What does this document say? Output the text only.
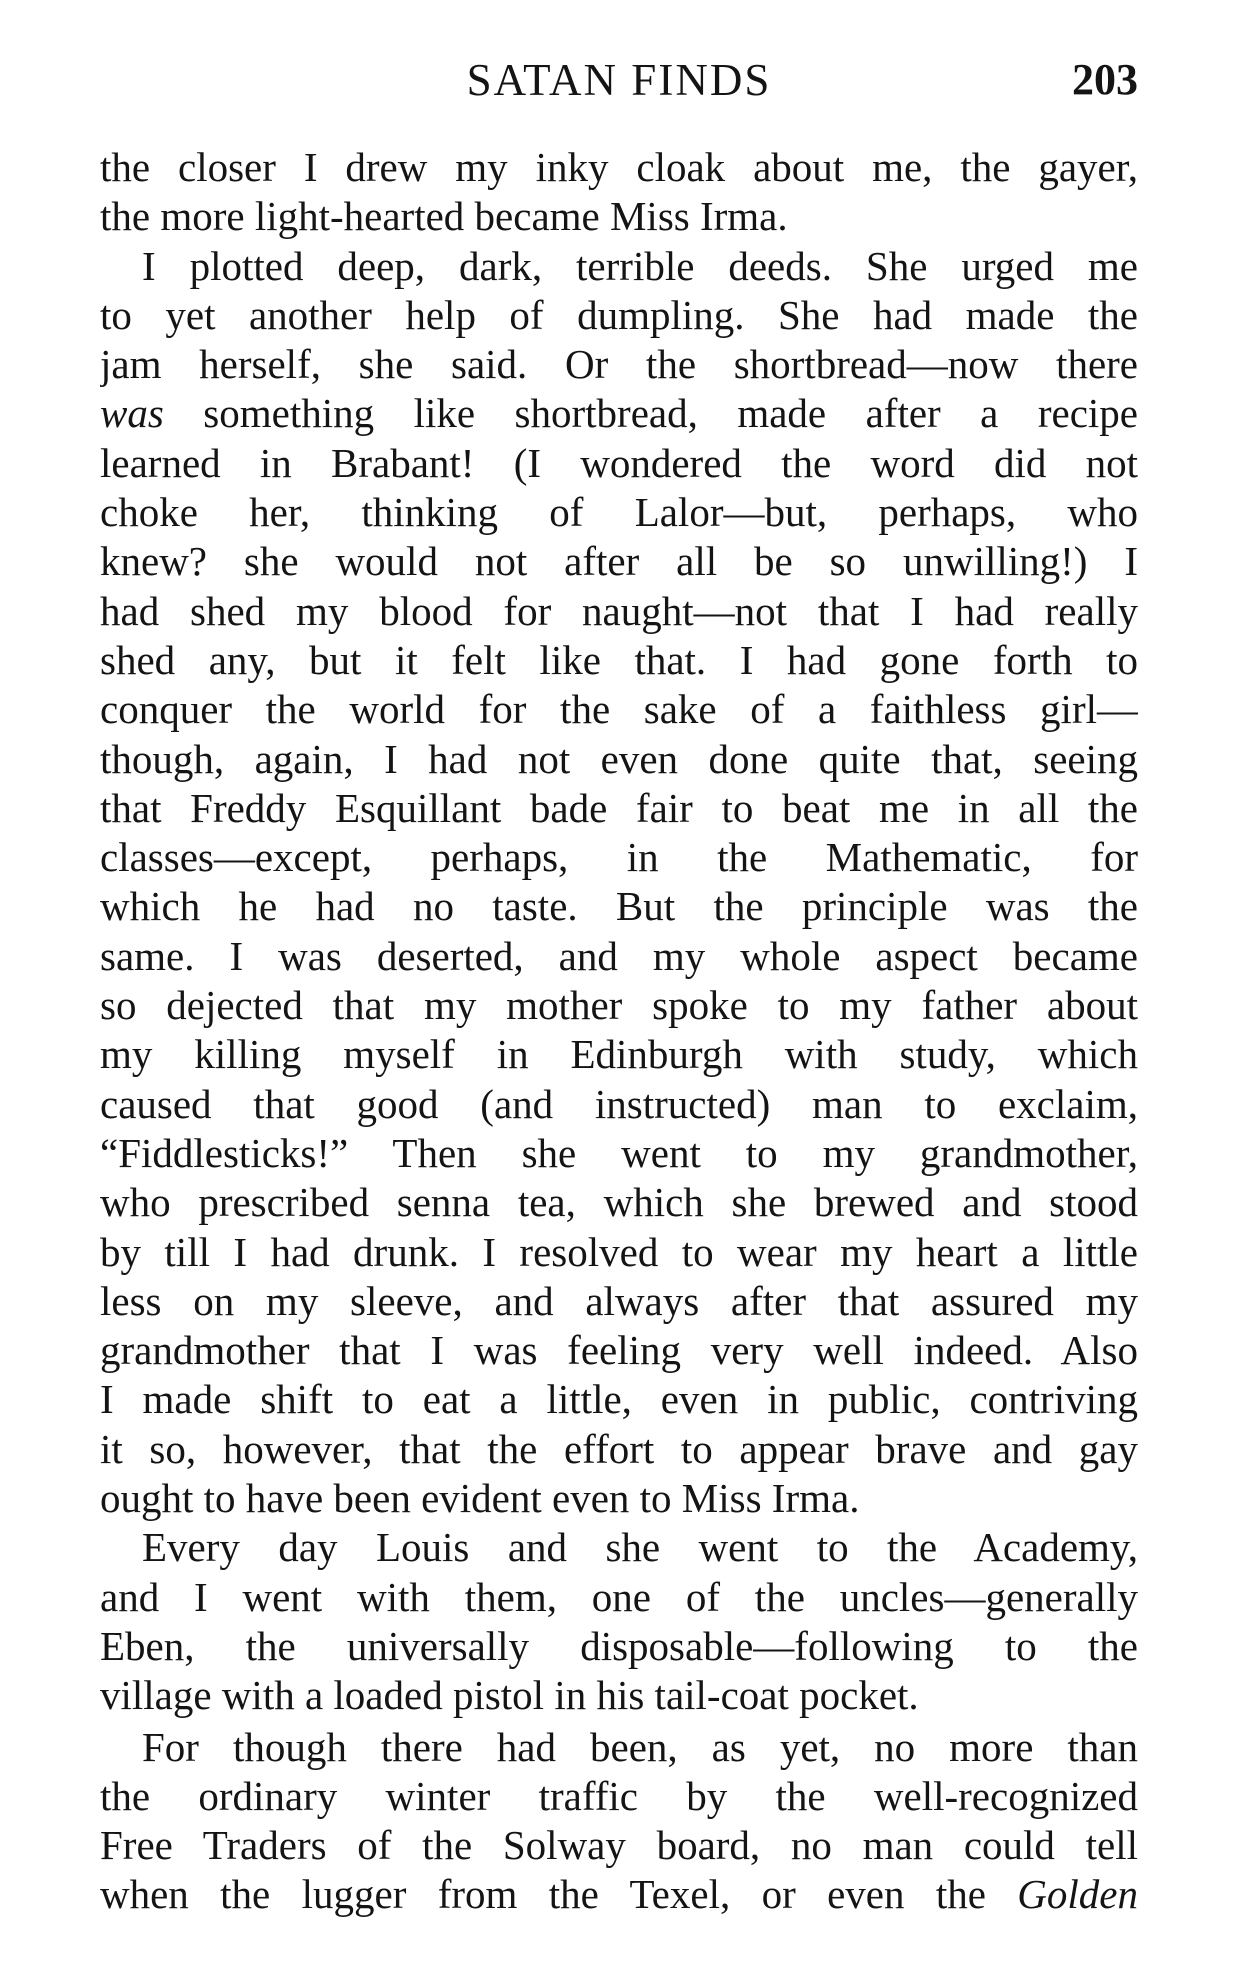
SATAN FINDS	203
the closer I drew my inky cloak about me, the gayer,
the more light-hearted became Miss Irma.
I plotted deep, dark, terrible deeds. She urged me
to yet another help of dumpling. She had made the
jam herself, she said. Or the shortbread—now there
was something like shortbread, made after a recipe
learned in Brabant! (I wondered the word did not
choke her, thinking of Lalor—but, perhaps, who
knew? she would not after all be so unwilling!) I
had shed my blood for naught—not that I had really
shed any, but it felt like that. I had gone forth to
conquer the world for the sake of a faithless girl—
though, again, I had not even done quite that, seeing
that Freddy Esquillant bade fair to beat me in all the
classes—except, perhaps, in the Mathematic, for
which he had no taste. But the principle was the
same. I was deserted, and my whole aspect became
so dejected that my mother spoke to my father about
my killing myself in Edinburgh with study, which
caused that good (and instructed) man to exclaim,
“Fiddlesticks!” Then she went to my grandmother,
who prescribed senna tea, which she brewed and stood
by till I had drunk. I resolved to wear my heart a little
less on my sleeve, and always after that assured my
grandmother that I was feeling very well indeed. Also
I made shift to eat a little, even in public, contriving
it so, however, that the effort to appear brave and gay
ought to have been evident even to Miss Irma.
Every day Louis and she went to the Academy,
and I went with them, one of the uncles—generally
Eben, the universally disposable—following to the
village with a loaded pistol in his tail-coat pocket.
For though there had been, as yet, no more than
the ordinary winter traffic by the well-recognized
Free Traders of the Solway board, no man could tell
when the lugger from the Texel, or even the Golden
